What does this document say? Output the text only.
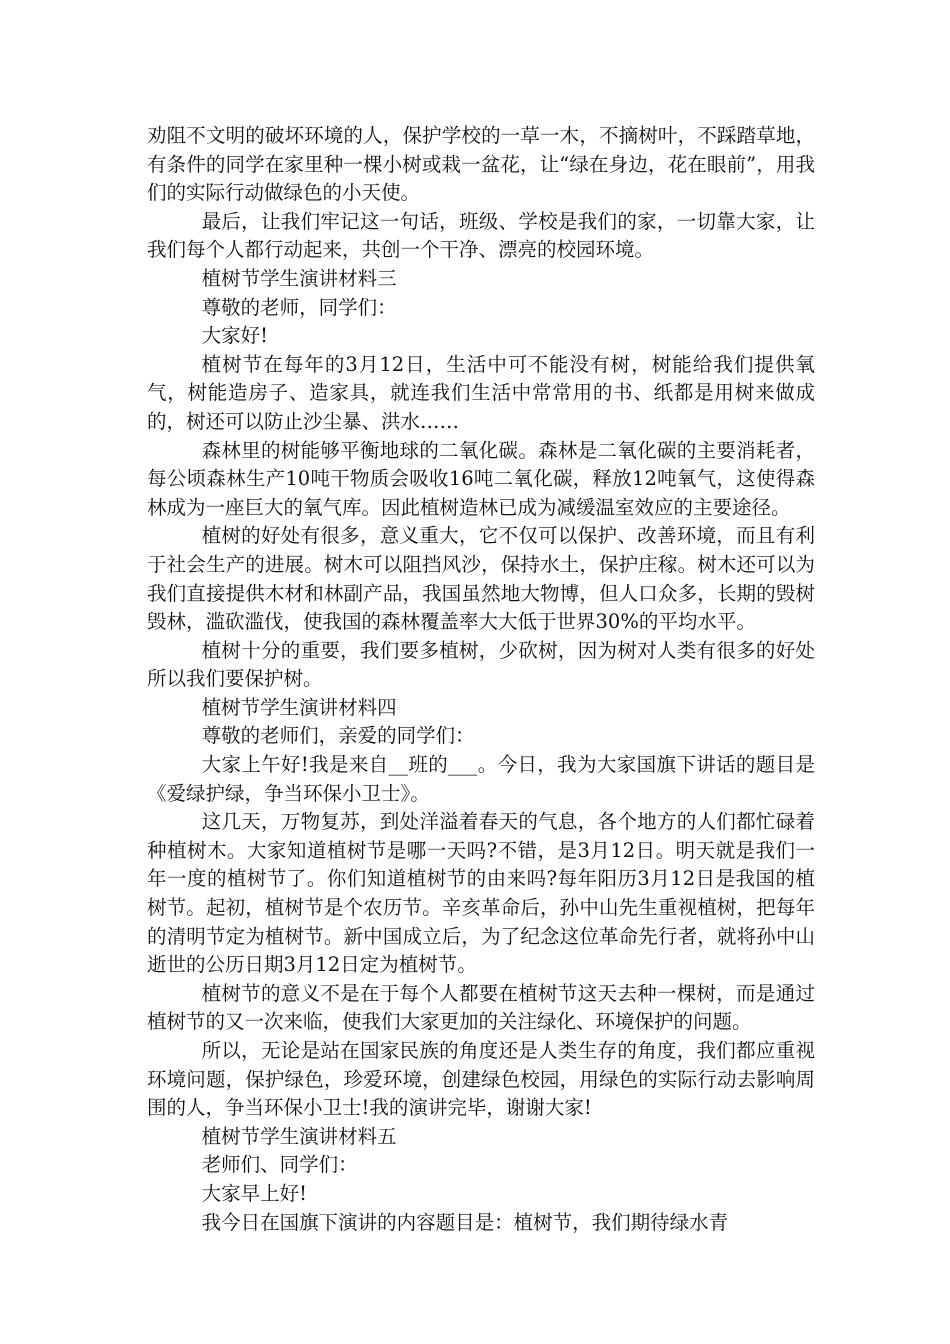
劝阻不文明的破坏环境的人，保护学校的一草一木，不摘树叶，不踩踏草地，有条件的同学在家里种一棵小树或栽一盆花，让“绿在身边，花在眼前”，用我们的实际行动做绿色的小天使。

最后，让我们牢记这一句话，班级、学校是我们的家，一切靠大家，让我们每个人都行动起来，共创一个干净、漂亮的校园环境。

植树节学生演讲材料三

尊敬的老师，同学们：

大家好!

植树节在每年的3月12日，生活中可不能没有树，树能给我们提供氧气，树能造房子、造家具，就连我们生活中常常用的书、纸都是用树来做成的，树还可以防止沙尘暴、洪水……

森林里的树能够平衡地球的二氧化碳。森林是二氧化碳的主要消耗者，每公顷森林生产10吨干物质会吸收16吨二氧化碳，释放12吨氧气，这使得森林成为一座巨大的氧气库。因此植树造林已成为减缓温室效应的主要途径。

植树的好处有很多，意义重大，它不仅可以保护、改善环境，而且有利于社会生产的进展。树木可以阻挡风沙，保持水土，保护庄稼。树木还可以为我们直接提供木材和林副产品，我国虽然地大物博，但人口众多，长期的毁树毁林，滥砍滥伐，使我国的森林覆盖率大大低于世界30%的平均水平。

植树十分的重要，我们要多植树，少砍树，因为树对人类有很多的好处所以我们要保护树。

植树节学生演讲材料四

尊敬的老师们，亲爱的同学们：

大家上午好!我是来自__班的___。今日，我为大家国旗下讲话的题目是《爱绿护绿，争当环保小卫士》。

这几天，万物复苏，到处洋溢着春天的气息，各个地方的人们都忙碌着种植树木。大家知道植树节是哪一天吗?不错，是3月12日。明天就是我们一年一度的植树节了。你们知道植树节的由来吗?每年阳历3月12日是我国的植树节。起初，植树节是个农历节。辛亥革命后，孙中山先生重视植树，把每年的清明节定为植树节。新中国成立后，为了纪念这位革命先行者，就将孙中山逝世的公历日期3月12日定为植树节。

植树节的意义不是在于每个人都要在植树节这天去种一棵树，而是通过植树节的又一次来临，使我们大家更加的关注绿化、环境保护的问题。

所以，无论是站在国家民族的角度还是人类生存的角度，我们都应重视环境问题，保护绿色，珍爱环境，创建绿色校园，用绿色的实际行动去影响周围的人，争当环保小卫士!我的演讲完毕，谢谢大家!

植树节学生演讲材料五

老师们、同学们：

大家早上好!

我今日在国旗下演讲的内容题目是：植树节，我们期待绿水青
